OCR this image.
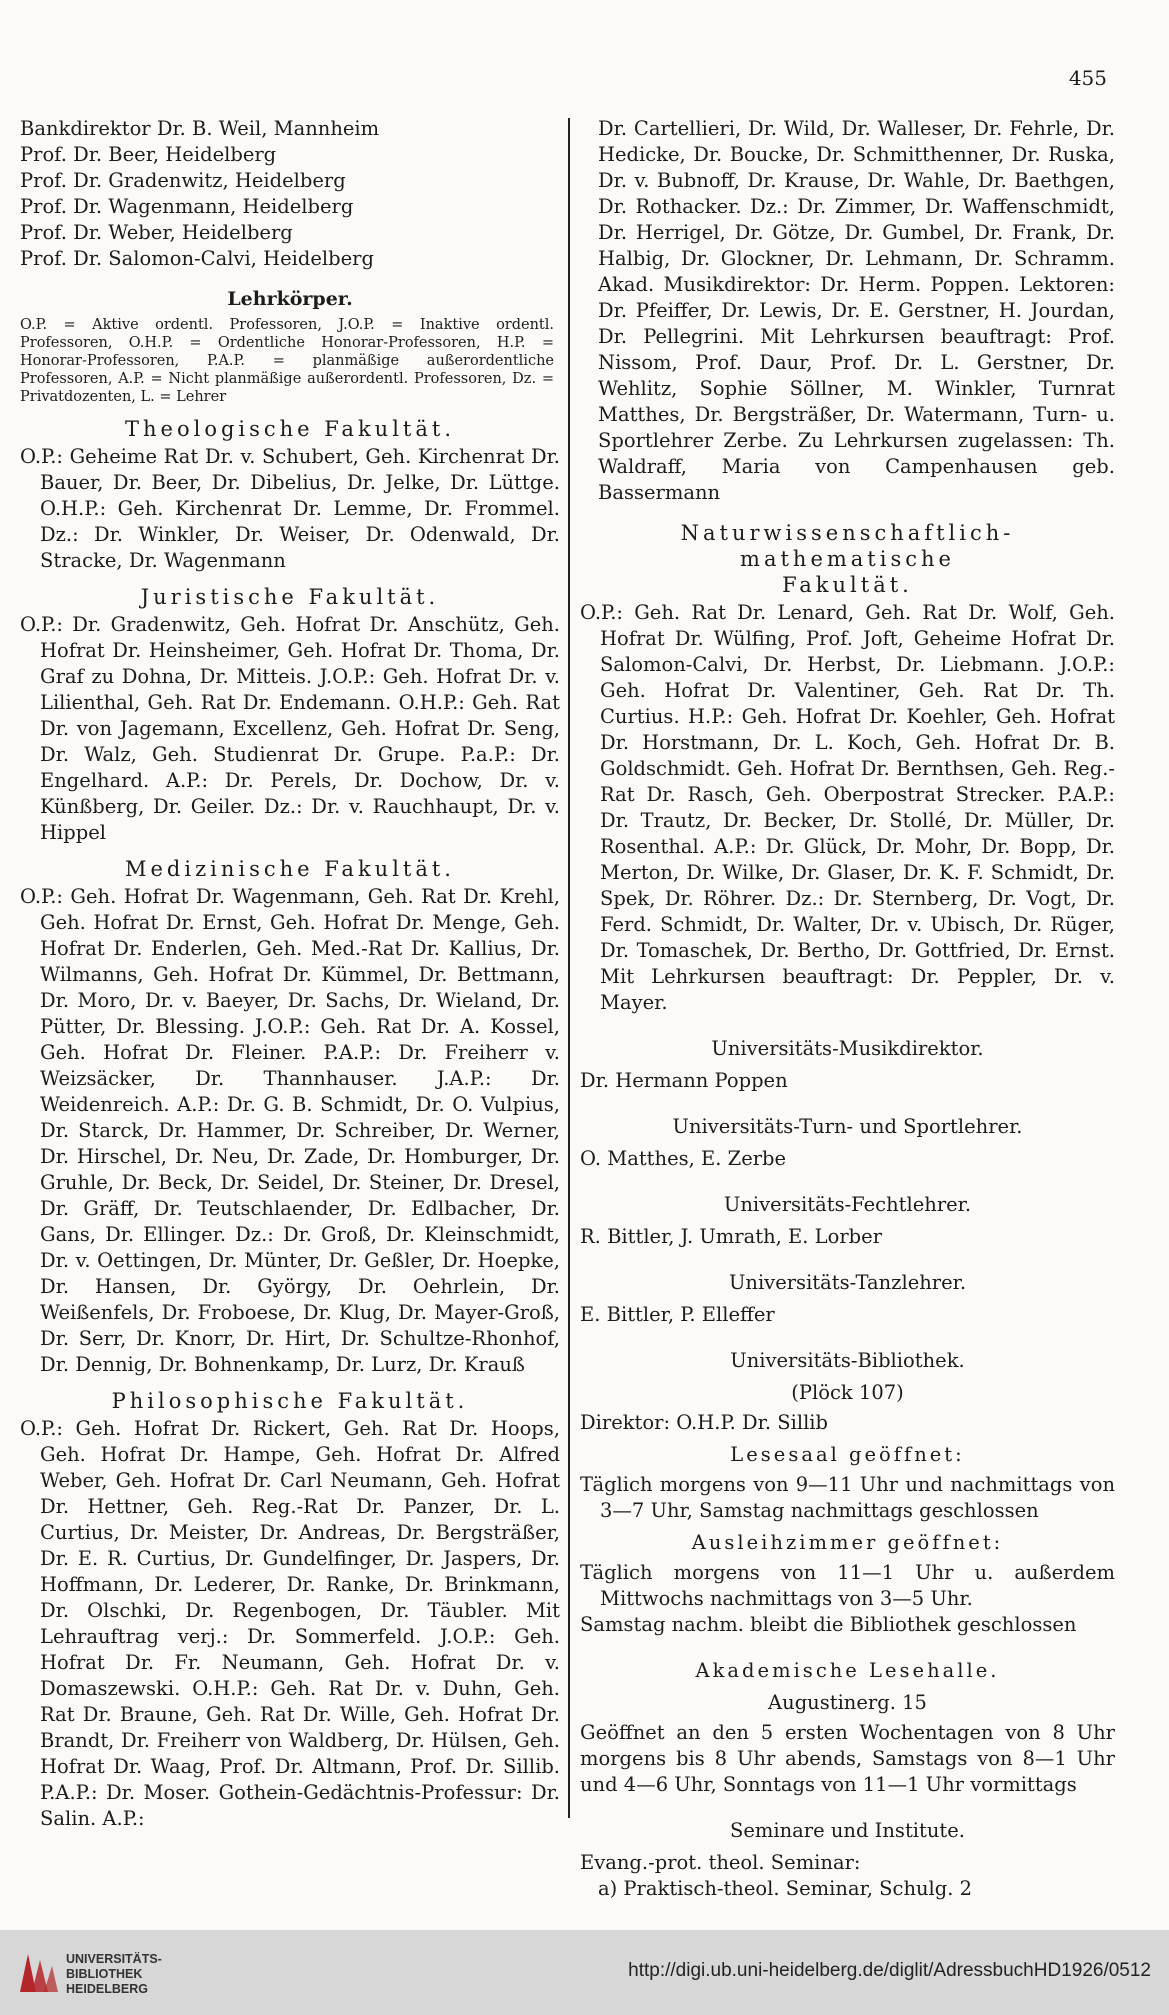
455

Bankdirektor Dr. B. Weil, Mannheim

Prof. Dr. Beer, Heidelberg

Prof. Dr. Gradenwitz, Heidelberg

Prof. Dr. Wagenmann, Heidelberg

Prof. Dr. Weber, Heidelberg

Prof. Dr. Salomon-Calvi, Heidelberg

Lehrkörper.
O.P. = Aktive ordentl. Professoren, J.O.P. = Inaktive ordentl. Professoren, O.H.P. = Ordentliche Honorar-Professoren, H.P. = Honorar-Professoren, P.A.P. = planmäßige außerordentliche Professoren, A.P. = Nicht planmäßige außerordentl. Professoren, Dz. = Privatdozenten, L. = Lehrer
Theologische Fakultät.

O.P.: Geheime Rat Dr. v. Schubert, Geh. Kirchenrat Dr. Bauer, Dr. Beer, Dr. Dibelius, Dr. Jelke, Dr. Lüttge. O.H.P.: Geh. Kirchenrat Dr. Lemme, Dr. Frommel. Dz.: Dr. Winkler, Dr. Weiser, Dr. Odenwald, Dr. Stracke, Dr. Wagenmann

Juristische Fakultät.

O.P.: Dr. Gradenwitz, Geh. Hofrat Dr. Anschütz, Geh. Hofrat Dr. Heinsheimer, Geh. Hofrat Dr. Thoma, Dr. Graf zu Dohna, Dr. Mitteis. J.O.P.: Geh. Hofrat Dr. v. Lilienthal, Geh. Rat Dr. Endemann. O.H.P.: Geh. Rat Dr. von Jagemann, Excellenz, Geh. Hofrat Dr. Seng, Dr. Walz, Geh. Studienrat Dr. Grupe. P.a.P.: Dr. Engelhard. A.P.: Dr. Perels, Dr. Dochow, Dr. v. Künßberg, Dr. Geiler. Dz.: Dr. v. Rauchhaupt, Dr. v. Hippel

Medizinische Fakultät.

O.P.: Geh. Hofrat Dr. Wagenmann, Geh. Rat Dr. Krehl, Geh. Hofrat Dr. Ernst, Geh. Hofrat Dr. Menge, Geh. Hofrat Dr. Enderlen, Geh. Med.-Rat Dr. Kallius, Dr. Wilmanns, Geh. Hofrat Dr. Kümmel, Dr. Bettmann, Dr. Moro, Dr. v. Baeyer, Dr. Sachs, Dr. Wieland, Dr. Pütter, Dr. Blessing. J.O.P.: Geh. Rat Dr. A. Kossel, Geh. Hofrat Dr. Fleiner. P.A.P.: Dr. Freiherr v. Weizsäcker, Dr. Thannhauser. J.A.P.: Dr. Weidenreich. A.P.: Dr. G. B. Schmidt, Dr. O. Vulpius, Dr. Starck, Dr. Hammer, Dr. Schreiber, Dr. Werner, Dr. Hirschel, Dr. Neu, Dr. Zade, Dr. Homburger, Dr. Gruhle, Dr. Beck, Dr. Seidel, Dr. Steiner, Dr. Dresel, Dr. Gräff, Dr. Teutschlaender, Dr. Edlbacher, Dr. Gans, Dr. Ellinger. Dz.: Dr. Groß, Dr. Kleinschmidt, Dr. v. Oettingen, Dr. Münter, Dr. Geßler, Dr. Hoepke, Dr. Hansen, Dr. György, Dr. Oehrlein, Dr. Weißenfels, Dr. Froboese, Dr. Klug, Dr. Mayer-Groß, Dr. Serr, Dr. Knorr, Dr. Hirt, Dr. Schultze-Rhonhof, Dr. Dennig, Dr. Bohnenkamp, Dr. Lurz, Dr. Krauß

Philosophische Fakultät.

O.P.: Geh. Hofrat Dr. Rickert, Geh. Rat Dr. Hoops, Geh. Hofrat Dr. Hampe, Geh. Hofrat Dr. Alfred Weber, Geh. Hofrat Dr. Carl Neumann, Geh. Hofrat Dr. Hettner, Geh. Reg.-Rat Dr. Panzer, Dr. L. Curtius, Dr. Meister, Dr. Andreas, Dr. Bergsträßer, Dr. E. R. Curtius, Dr. Gundelfinger, Dr. Jaspers, Dr. Hoffmann, Dr. Lederer, Dr. Ranke, Dr. Brinkmann, Dr. Olschki, Dr. Regenbogen, Dr. Täubler. Mit Lehrauftrag verj.: Dr. Sommerfeld. J.O.P.: Geh. Hofrat Dr. Fr. Neumann, Geh. Hofrat Dr. v. Domaszewski. O.H.P.: Geh. Rat Dr. v. Duhn, Geh. Rat Dr. Braune, Geh. Rat Dr. Wille, Geh. Hofrat Dr. Brandt, Dr. Freiherr von Waldberg, Dr. Hülsen, Geh. Hofrat Dr. Waag, Prof. Dr. Altmann, Prof. Dr. Sillib. P.A.P.: Dr. Moser. Gothein-Gedächtnis-Professur: Dr. Salin. A.P.:

Dr. Cartellieri, Dr. Wild, Dr. Walleser, Dr. Fehrle, Dr. Hedicke, Dr. Boucke, Dr. Schmitthenner, Dr. Ruska, Dr. v. Bubnoff, Dr. Krause, Dr. Wahle, Dr. Baethgen, Dr. Rothacker. Dz.: Dr. Zimmer, Dr. Waffenschmidt, Dr. Herrigel, Dr. Götze, Dr. Gumbel, Dr. Frank, Dr. Halbig, Dr. Glockner, Dr. Lehmann, Dr. Schramm. Akad. Musikdirektor: Dr. Herm. Poppen. Lektoren: Dr. Pfeiffer, Dr. Lewis, Dr. E. Gerstner, H. Jourdan, Dr. Pellegrini. Mit Lehrkursen beauftragt: Prof. Nissom, Prof. Daur, Prof. Dr. L. Gerstner, Dr. Wehlitz, Sophie Söllner, M. Winkler, Turnrat Matthes, Dr. Bergsträßer, Dr. Watermann, Turn- u. Sportlehrer Zerbe. Zu Lehrkursen zugelassen: Th. Waldraff, Maria von Campenhausen geb. Bassermann

Naturwissenschaftlich-mathematische
Fakultät.

O.P.: Geh. Rat Dr. Lenard, Geh. Rat Dr. Wolf, Geh. Hofrat Dr. Wülfing, Prof. Joft, Geheime Hofrat Dr. Salomon-Calvi, Dr. Herbst, Dr. Liebmann. J.O.P.: Geh. Hofrat Dr. Valentiner, Geh. Rat Dr. Th. Curtius. H.P.: Geh. Hofrat Dr. Koehler, Geh. Hofrat Dr. Horstmann, Dr. L. Koch, Geh. Hofrat Dr. B. Goldschmidt. Geh. Hofrat Dr. Bernthsen, Geh. Reg.-Rat Dr. Rasch, Geh. Oberpostrat Strecker. P.A.P.: Dr. Trautz, Dr. Becker, Dr. Stollé, Dr. Müller, Dr. Rosenthal. A.P.: Dr. Glück, Dr. Mohr, Dr. Bopp, Dr. Merton, Dr. Wilke, Dr. Glaser, Dr. K. F. Schmidt, Dr. Spek, Dr. Röhrer. Dz.: Dr. Sternberg, Dr. Vogt, Dr. Ferd. Schmidt, Dr. Walter, Dr. v. Ubisch, Dr. Rüger, Dr. Tomaschek, Dr. Bertho, Dr. Gottfried, Dr. Ernst. Mit Lehrkursen beauftragt: Dr. Peppler, Dr. v. Mayer.

Universitäts-Musikdirektor.

Dr. Hermann Poppen

Universitäts-Turn- und Sportlehrer.

O. Matthes, E. Zerbe

Universitäts-Fechtlehrer.

R. Bittler, J. Umrath, E. Lorber

Universitäts-Tanzlehrer.

E. Bittler, P. Elleffer

Universitäts-Bibliothek.
(Plöck 107)

Direktor: O.H.P. Dr. Sillib

Lesesaal geöffnet:

Täglich morgens von 9—11 Uhr und nachmittags von 3—7 Uhr, Samstag nachmittags geschlossen

Ausleihzimmer geöffnet:

Täglich morgens von 11—1 Uhr u. außerdem Mittwochs nachmittags von 3—5 Uhr.

Samstag nachm. bleibt die Bibliothek geschlossen

Akademische Lesehalle.
Augustinerg. 15

Geöffnet an den 5 ersten Wochentagen von 8 Uhr morgens bis 8 Uhr abends, Samstags von 8—1 Uhr und 4—6 Uhr, Sonntags von 11—1 Uhr vormittags

Seminare und Institute.

Evang.-prot. theol. Seminar:

a) Praktisch-theol. Seminar, Schulg. 2

UNIVERSITÄTS-
BIBLIOTHEK
HEIDELBERG
http://digi.ub.uni-heidelberg.de/diglit/AdressbuchHD1926/0512
